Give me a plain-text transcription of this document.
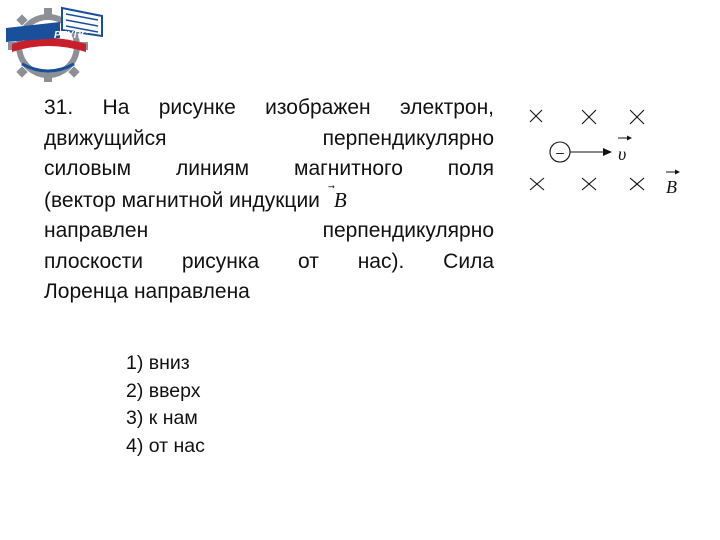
РГУПС
31. На рисунке изображен электрон,
движущийся перпендикулярно
силовым линиям магнитного поля
(вектор магнитной индукции B
направлен перпендикулярно
плоскости рисунка от нас). Сила
Лоренца направлена
1) вниз
2) вверх
3) к нам
4) от нас
–	υ
B
